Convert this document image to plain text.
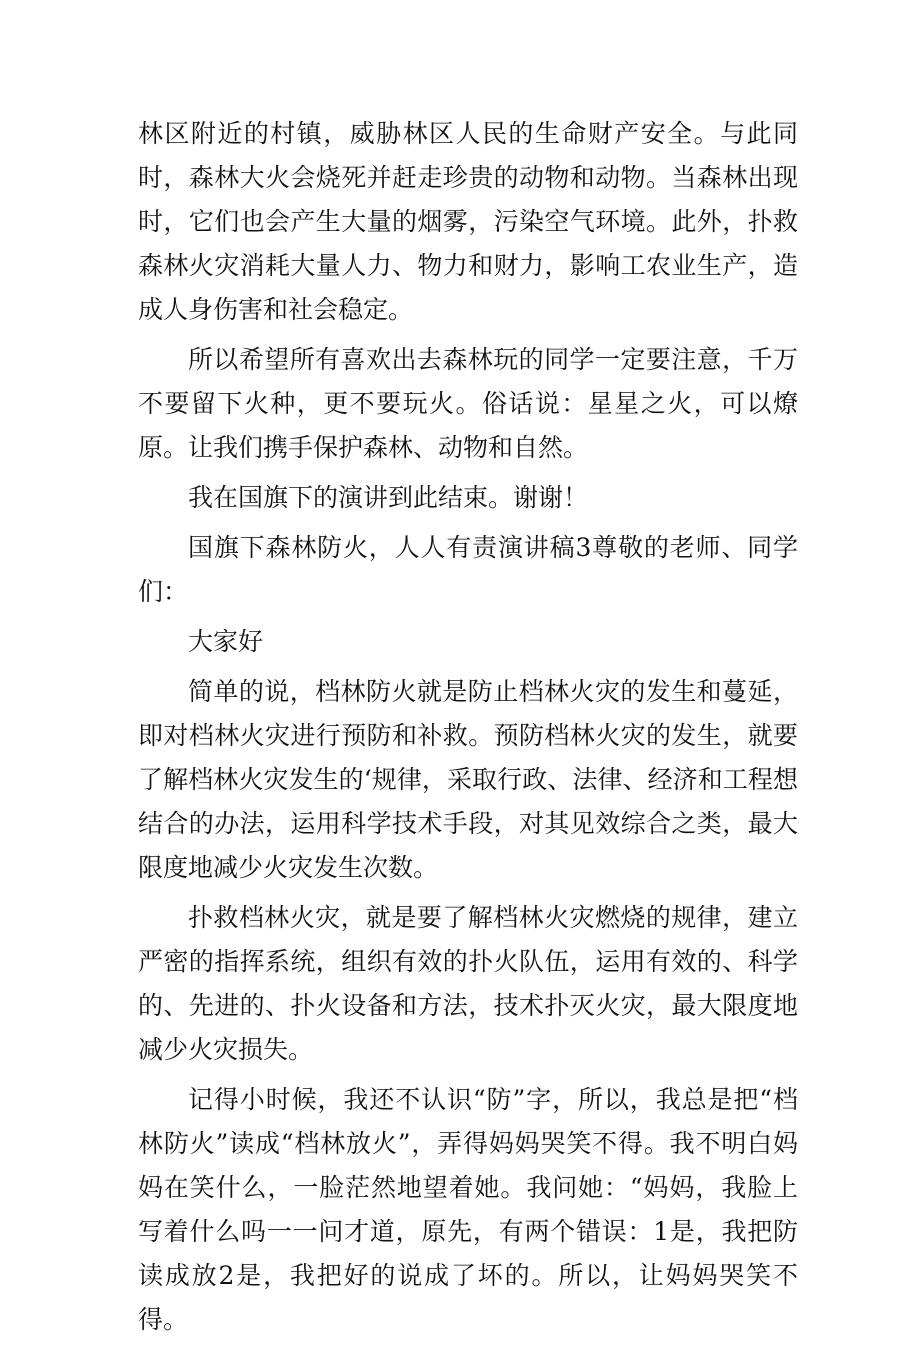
林区附近的村镇，威胁林区人民的生命财产安全。与此同时，森林大火会烧死并赶走珍贵的动物和动物。当森林出现时，它们也会产生大量的烟雾，污染空气环境。此外，扑救森林火灾消耗大量人力、物力和财力，影响工农业生产，造成人身伤害和社会稳定。

所以希望所有喜欢出去森林玩的同学一定要注意，千万不要留下火种，更不要玩火。俗话说：星星之火，可以燎原。让我们携手保护森林、动物和自然。

我在国旗下的演讲到此结束。谢谢！

国旗下森林防火，人人有责演讲稿3尊敬的老师、同学们：

大家好

简单的说，档林防火就是防止档林火灾的发生和蔓延，即对档林火灾进行预防和补救。预防档林火灾的发生，就要了解档林火灾发生的‘规律，采取行政、法律、经济和工程想结合的办法，运用科学技术手段，对其见效综合之类，最大限度地减少火灾发生次数。

扑救档林火灾，就是要了解档林火灾燃烧的规律，建立严密的指挥系统，组织有效的扑火队伍，运用有效的、科学的、先进的、扑火设备和方法，技术扑灭火灾，最大限度地减少火灾损失。

记得小时候，我还不认识“防”字，所以，我总是把“档林防火”读成“档林放火”，弄得妈妈哭笑不得。我不明白妈妈在笑什么，一脸茫然地望着她。我问她：“妈妈，我脸上写着什么吗一一问才道，原先，有两个错误：1是，我把防读成放2是，我把好的说成了坏的。所以，让妈妈哭笑不得。
